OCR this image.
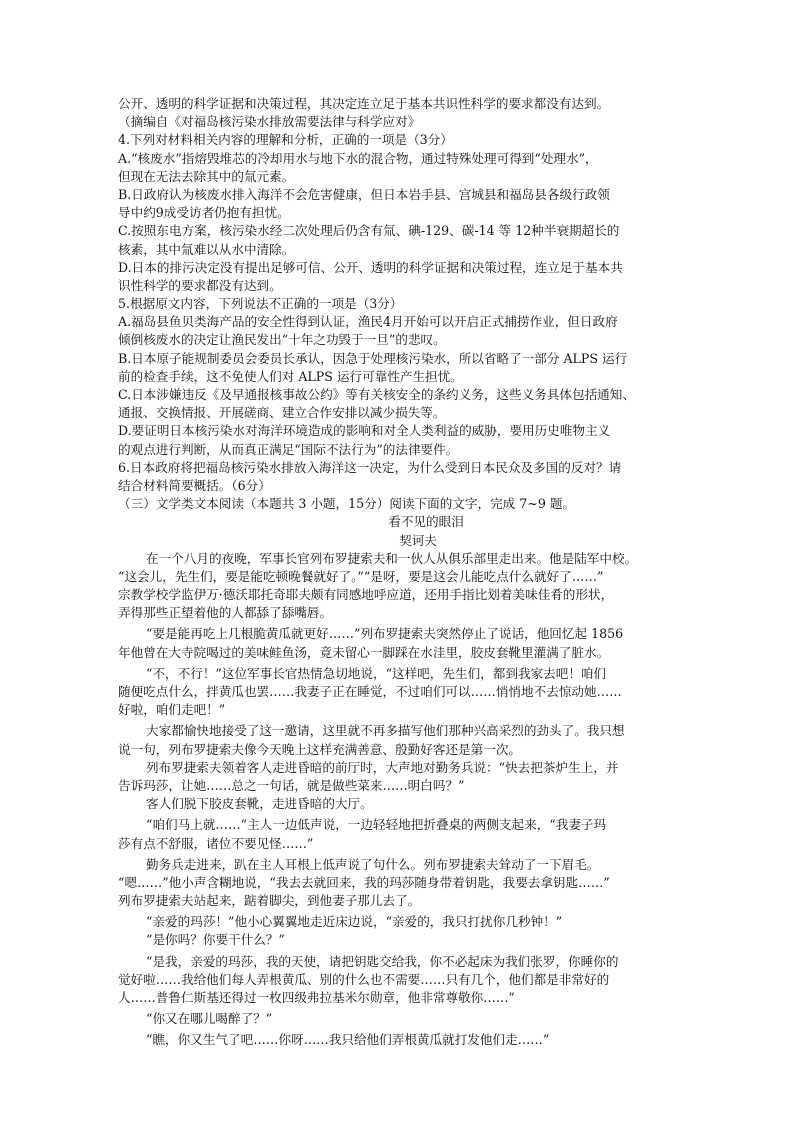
公开、透明的科学证据和决策过程，其决定连立足于基本共识性科学的要求都没有达到。
（摘编自《对福岛核污染水排放需要法律与科学应对》
4.下列对材料相关内容的理解和分析，正确的一项是（3分）
A.“核废水”指熔毁堆芯的冷却用水与地下水的混合物，通过特殊处理可得到“处理水”，
但现在无法去除其中的氚元素。
B.日政府认为核废水排入海洋不会危害健康，但日本岩手县、宫城县和福岛县各级行政领
导中约9成受访者仍抱有担忧。
C.按照东电方案，核污染水经二次处理后仍含有氚、碘-129、碳-14 等 12种半衰期超长的
核素，其中氚难以从水中清除。
D.日本的排污决定没有提出足够可信、公开、透明的科学证据和决策过程，连立足于基本共
识性科学的要求都没有达到。
5.根据原文内容，下列说法不正确的一项是（3分）
A.福岛县鱼贝类海产品的安全性得到认证，渔民4月开始可以开启正式捕捞作业，但日政府
倾倒核废水的决定让渔民发出“十年之功毁于一旦”的悲叹。
B.日本原子能规制委员会委员长承认，因急于处理核污染水，所以省略了一部分 ALPS 运行
前的检查手续，这不免使人们对 ALPS 运行可靠性产生担忧。
C.日本涉嫌违反《及早通报核事故公约》等有关核安全的条约义务，这些义务具体包括通知、
通报、交换情报、开展磋商、建立合作安排以减少损失等。
D.要证明日本核污染水对海洋环境造成的影响和对全人类利益的威胁，要用历史唯物主义
的观点进行判断，从而真正满足“国际不法行为”的法律要件。
6.日本政府将把福岛核污染水排放入海洋这一决定，为什么受到日本民众及多国的反对？请
结合材料简要概括。（6分）
（三）文学类文本阅读（本题共 3 小题，15分）阅读下面的文字，完成 7~9 题。
看不见的眼泪
契诃夫
在一个八月的夜晚，军事长官列布罗捷索夫和一伙人从俱乐部里走出来。他是陆军中校。
“这会儿，先生们，要是能吃顿晚餐就好了。”“是呀，要是这会儿能吃点什么就好了……”
宗教学校学监伊万·德沃耶托奇耶夫颇有同感地呼应道，还用手指比划着美味佳肴的形状，
弄得那些正望着他的人都舔了舔嘴唇。
“要是能再吃上几根脆黄瓜就更好……”列布罗捷索夫突然停止了说话，他回忆起 1856
年他曾在大寺院喝过的美味鲑鱼汤，竟未留心一脚踩在水洼里，胶皮套靴里灌满了脏水。
“不，不行！”这位军事长官热情急切地说，“这样吧，先生们，都到我家去吧！咱们
随便吃点什么，拌黄瓜也罢……我妻子正在睡觉，不过咱们可以……悄悄地不去惊动她……
好啦，咱们走吧！”
大家都愉快地接受了这一邀请，这里就不再多描写他们那种兴高采烈的劲头了。我只想
说一句，列布罗捷索夫像今天晚上这样充满善意、殷勤好客还是第一次。
列布罗捷索夫领着客人走进昏暗的前厅时，大声地对勤务兵说：“快去把茶炉生上，并
告诉玛莎，让她……总之一句话，就是做些菜来……明白吗？”
客人们脱下胶皮套靴，走进昏暗的大厅。
“咱们马上就……”主人一边低声说，一边轻轻地把折叠桌的两侧支起来，“我妻子玛
莎有点不舒服，诸位不要见怪……”
勤务兵走进来，趴在主人耳根上低声说了句什么。列布罗捷索夫耸动了一下眉毛。
“嗯……”他小声含糊地说，“我去去就回来，我的玛莎随身带着钥匙，我要去拿钥匙……”
列布罗捷索夫站起来，踮着脚尖，到他妻子那儿去了。
“亲爱的玛莎！”他小心翼翼地走近床边说，“亲爱的，我只打扰你几秒钟！”
“是你吗？你要干什么？”
“是我，亲爱的玛莎，我的天使，请把钥匙交给我，你不必起床为我们张罗，你睡你的
觉好啦……我给他们每人弄根黄瓜、别的什么也不需要……只有几个，他们都是非常好的
人……普鲁仁斯基还得过一枚四级弗拉基米尔勋章，他非常尊敬你……”
“你又在哪儿喝醉了？”
“瞧，你又生气了吧……你呀……我只给他们弄根黄瓜就打发他们走……”
